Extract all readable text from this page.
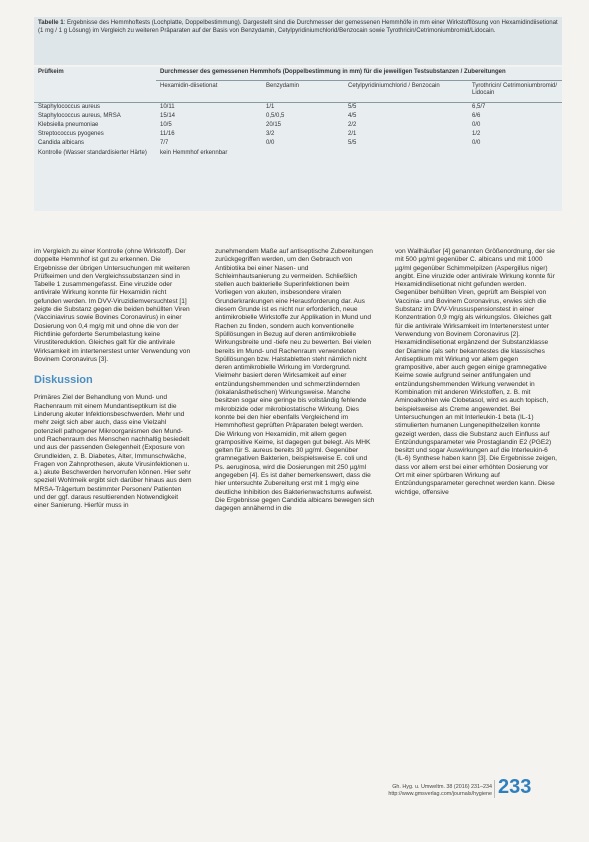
Tabelle 1: Ergebnisse des Hemmhoftests (Lochplatte, Doppelbestimmung). Dargestellt sind die Durchmesser der gemessenen Hemmhöfe in mm einer Wirkstofflösung von Hexamidindiisetionat (1 mg / 1 g Lösung) im Vergleich zu weiteren Präparaten auf der Basis von Benzydamin, Cetylpyridiniumchlorid/Benzocain sowie Tyrothricin/Cetrimoniumbromid/Lidocain.
Prüfkeim	Durchmesser des gemessenen Hemmhofs (Doppelbestimmung in mm) für die jeweiligen Testsubstanzen / Zubereitungen			
	Hexamidin-diisetionat	Benzydamin	Cetylpyridiniumchlorid / Benzocain	Tyrothricin/ Cetrimoniumbromid/ Lidocain
Staphylococcus aureus	10/11	1/1	5/5	6,5/7
Staphylococcus aureus, MRSA	15/14	0,5/0,5	4/5	6/6
Klebsiella pneumoniae	10/5	20/15	2/2	0/0
Streptococcus pyogenes	11/16	3/2	2/1	1/2
Candida albicans	7/7	0/0	5/5	0/0
Kontrolle (Wasser standardisierter Härte)	kein Hemmhof erkennbar			

im Vergleich zu einer Kontrolle (ohne Wirkstoff). Der doppelte Hemmhof ist gut zu erkennen. Die Ergebnisse der übrigen Untersuchungen mit weiteren Prüfkeimen und den Vergleichssubstanzen sind in Tabelle 1 zusammengefasst. Eine viruzide oder antivirale Wirkung konnte für Hexamidin nicht gefunden werden. Im DVV-Viruzidiemversuchtest [1] zeigte die Substanz gegen die beiden behüllten Viren (Vacciniavirus sowie Bovines Coronavirus) in einer Dosierung von 0,4 mg/g mit und ohne die von der Richtlinie geforderte Serumbelastung keine Virustitereduktion. Gleiches galt für die antivirale Wirksamkeit im intertenerstest unter Verwendung von Bovinem Coronavirus [3].

Diskussion

Primäres Ziel der Behandlung von Mund- und Rachenraum mit einem Mundantiseptikum ist die Linderung akuter Infektionsbeschwerden. Mehr und mehr zeigt sich aber auch, dass eine Vielzahl potenziell pathogener Mikroorganismen den Mund- und Rachenraum des Menschen nachhaltig besiedelt und aus der passenden Gelegenheit (Exposure von Grundleiden, z. B. Diabetes, Alter, Immunschwäche, Fragen von Zahnprothesen, akute Virusinfektionen u. a.) akute Beschwerden hervorrufen können. Hier sehr speziell Wohlmeik ergibt sich darüber hinaus aus dem MRSA-Trägertum bestimmter Personen/ Patienten und der ggf. daraus resultierenden Notwendigkeit einer Sanierung. Hierfür muss in

zunehmendem Maße auf antiseptische Zubereitungen zurückgegriffen werden, um den Gebrauch von Antibiotika bei einer Nasen- und Schleimhautsanierung zu vermeiden. Schließlich stellen auch bakterielle Superinfektionen beim Vorliegen von akuten, insbesondere viralen Grunderkrankungen eine Herausforderung dar. Aus diesem Grunde ist es nicht nur erforderlich, neue antimikrobielle Wirkstoffe zur Applikation in Mund und Rachen zu finden, sondern auch konventionelle Spüllösungen in Bezug auf deren antimikrobielle Wirkungsbreite und -tiefe neu zu bewerten. Bei vielen bereits im Mund- und Rachenraum verwendeten Spüllösungen bzw. Halstabletten steht nämlich nicht deren antimikrobielle Wirkung im Vordergrund. Vielmehr basiert deren Wirksamkeit auf einer entzündungshemmenden und schmerzlindernden (lokalanästhetischen) Wirkungsweise. Manche besitzen sogar eine geringe bis vollständig fehlende mikrobizide oder mikrobiostatische Wirkung. Dies konnte bei den hier ebenfalls Vergleichend im Hemmhoftest geprüften Präparaten belegt werden. Die Wirkung von Hexamidin, mit allem gegen grampositive Keime, ist dagegen gut belegt. Als MHK gelten für S. aureus bereits 30 µg/ml. Gegenüber gramnegativen Bakterien, beispielsweise E. coli und Ps. aeruginosa, wird die Dosierungen mit 250 µg/ml angegeben [4]. Es ist daher bemerkenswert, dass die hier untersuchte Zubereitung erst mit 1 mg/g eine deutliche Inhibition des Bakterienwachstums aufweist. Die Ergebnisse gegen Candida albicans bewegen sich dagegen annähernd in die

von Wallhäußer [4] genannten Größenordnung, der sie mit 500 µg/ml gegenüber C. albicans und mit 1000 µg/ml gegenüber Schimmelpilzen (Aspergillus niger) angibt. Eine viruzide oder antivirale Wirkung konnte für Hexamidindiisetionat nicht gefunden werden. Gegenüber behüllten Viren, geprüft am Beispiel von Vaccinia- und Bovinem Coronavirus, erwies sich die Substanz im DVV-Virussuspensionstest in einer Konzentration 0,9 mg/g als wirkungslos. Gleiches galt für die antivirale Wirksamkeit im Intertenerstest unter Verwendung von Bovinem Coronavirus [2]. Hexamidindiisetionat ergänzend der Substanzklasse der Diamine (als sehr bekanntestes die klassisches Antiseptikum mit Wirkung vor allem gegen grampositive, aber auch gegen einige gramnegative Keime sowie aufgrund seiner antifungalen und entzündungshemmenden Wirkung verwendet in Kombination mit anderen Wirkstoffen, z. B. mit Aminoalkohlen wie Clobetasol, wird es auch topisch, beispielsweise als Creme angewendet. Bei Untersuchungen an mit Interleukin-1 beta (IL-1) stimulierten humanen Lungenepithelzellen konnte gezeigt werden, dass die Substanz auch Einfluss auf Entzündungsparameter wie Prostaglandin E2 (PGE2) besitzt und sogar Auswirkungen auf die Interleukin-6 (IL-6) Synthese haben kann [3]. Die Ergebnisse zeigen, dass vor allem erst bei einer erhöhten Dosierung vor Ort mit einer spürbaren Wirkung auf Entzündungsparameter gerechnet werden kann. Diese wichtige, offensive

Gh. Hyg. u. Umweltm. 38 (2016) 231–234
http://www.gmsverlag.com/journals/hygiene 233
